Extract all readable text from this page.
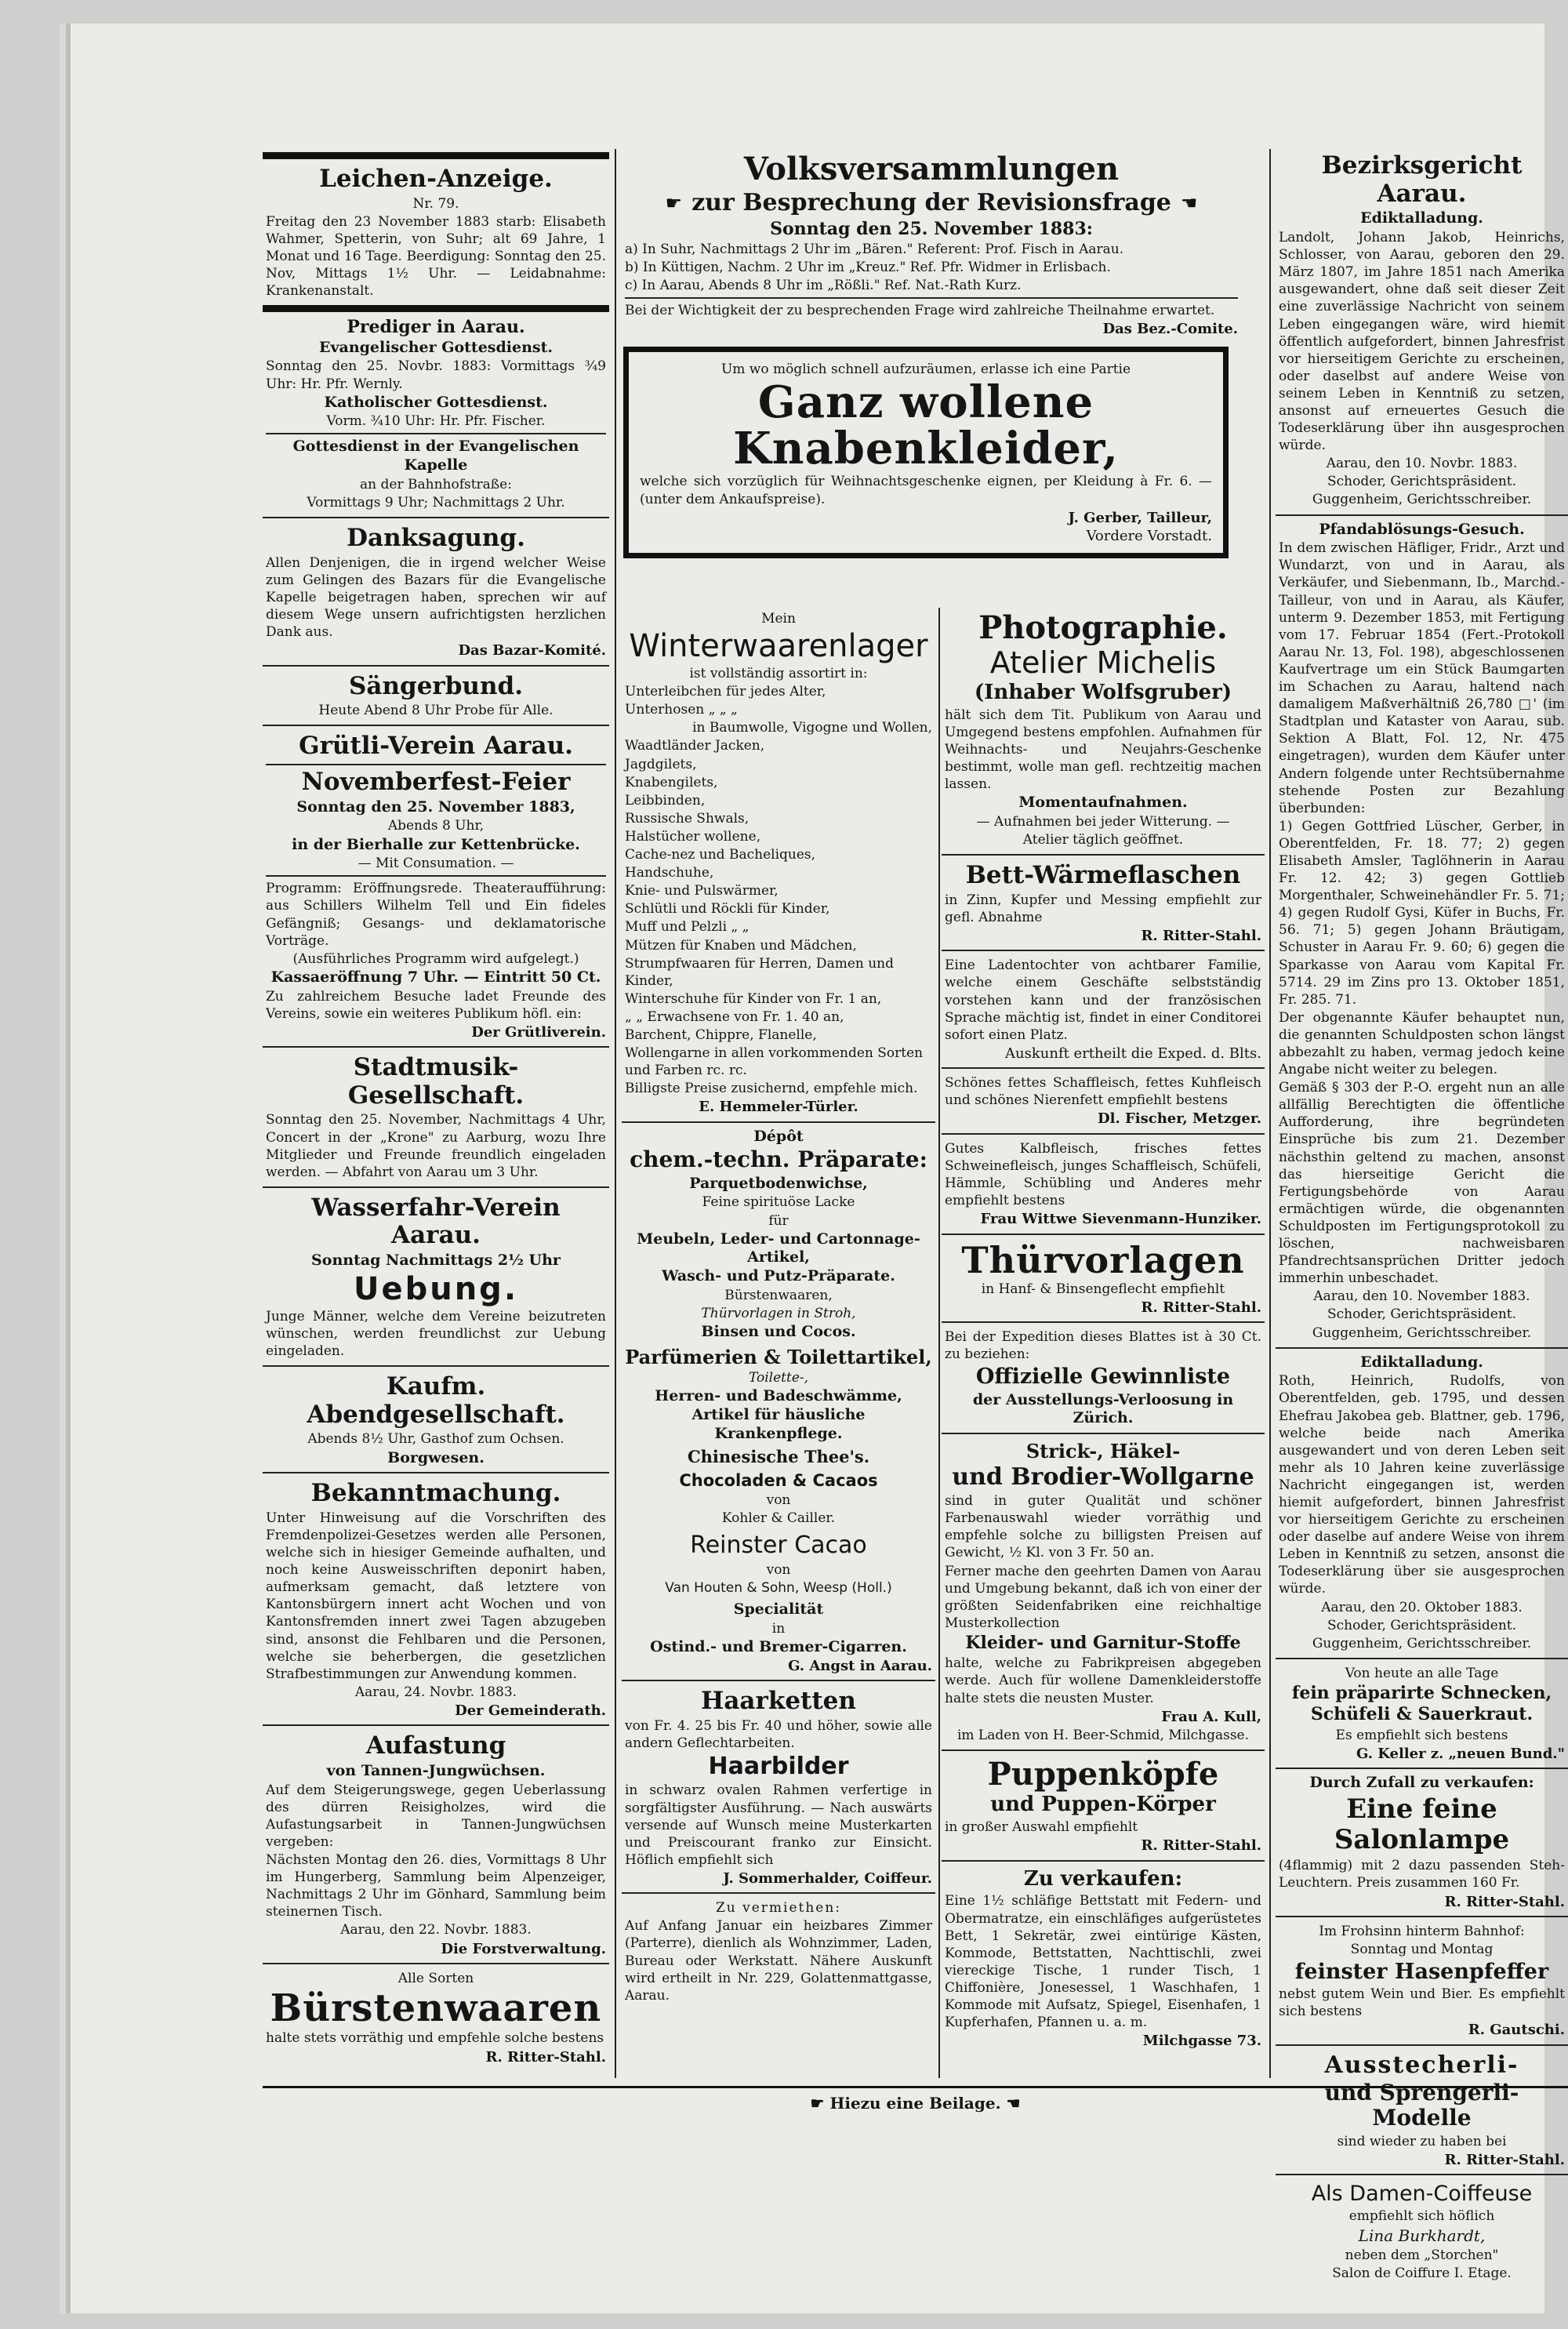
Leichen-Anzeige.
Nr. 79.
Freitag den 23 November 1883 starb: Elisabeth Wahmer, Spetterin, von Suhr; alt 69 Jahre, 1 Monat und 16 Tage. Beerdigung: Sonntag den 25. Nov, Mittags 1½ Uhr. — Leidabnahme: Krankenanstalt.
Prediger in Aarau.
Evangelischer Gottesdienst.
Sonntag den 25. Novbr. 1883: Vormittags ¾9 Uhr: Hr. Pfr. Wernly.
Katholischer Gottesdienst.
Vorm. ¾10 Uhr: Hr. Pfr. Fischer.
Gottesdienst in der Evangelischen Kapelle
an der Bahnhofstraße:
Vormittags 9 Uhr; Nachmittags 2 Uhr.
Danksagung.
Allen Denjenigen, die in irgend welcher Weise zum Gelingen des Bazars für die Evangelische Kapelle beigetragen haben, sprechen wir auf diesem Wege unsern aufrichtigsten herzlichen Dank aus.
Das Bazar-Komité.
Sängerbund.
Heute Abend 8 Uhr Probe für Alle.
Grütli-Verein Aarau.
Novemberfest-Feier
Sonntag den 25. November 1883,
Abends 8 Uhr,
in der Bierhalle zur Kettenbrücke.
— Mit Consumation. —
Programm: Eröffnungsrede. Theateraufführung: aus Schillers Wilhelm Tell und Ein fideles Gefängniß; Gesangs- und deklamatorische Vorträge.
(Ausführliches Programm wird aufgelegt.)
Kassaeröffnung 7 Uhr. — Eintritt 50 Ct.
Zu zahlreichem Besuche ladet Freunde des Vereins, sowie ein weiteres Publikum höfl. ein:
Der Grütliverein.
Stadtmusik-Gesellschaft.
Sonntag den 25. November, Nachmittags 4 Uhr, Concert in der „Krone" zu Aarburg, wozu Ihre Mitglieder und Freunde freundlich eingeladen werden. — Abfahrt von Aarau um 3 Uhr.
Wasserfahr-Verein Aarau.
Sonntag Nachmittags 2½ Uhr
Uebung.
Junge Männer, welche dem Vereine beizutreten wünschen, werden freundlichst zur Uebung eingeladen.
Kaufm. Abendgesellschaft.
Abends 8½ Uhr, Gasthof zum Ochsen.
Borgwesen.
Bekanntmachung.
Unter Hinweisung auf die Vorschriften des Fremdenpolizei-Gesetzes werden alle Personen, welche sich in hiesiger Gemeinde aufhalten, und noch keine Ausweisschriften deponirt haben, aufmerksam gemacht, daß letztere von Kantonsbürgern innert acht Wochen und von Kantonsfremden innert zwei Tagen abzugeben sind, ansonst die Fehlbaren und die Personen, welche sie beherbergen, die gesetzlichen Strafbestimmungen zur Anwendung kommen.
Aarau, 24. Novbr. 1883.
Der Gemeinderath.
Aufastung
von Tannen-Jungwüchsen.
Auf dem Steigerungswege, gegen Ueberlassung des dürren Reisigholzes, wird die Aufastungsarbeit in Tannen-Jungwüchsen vergeben:
Nächsten Montag den 26. dies, Vormittags 8 Uhr im Hungerberg, Sammlung beim Alpenzeiger, Nachmittags 2 Uhr im Gönhard, Sammlung beim steinernen Tisch.
Aarau, den 22. Novbr. 1883.
Die Forstverwaltung.
Alle Sorten
Bürstenwaaren
halte stets vorräthig und empfehle solche bestens
R. Ritter-Stahl.
Volksversammlungen
☛ zur Besprechung der Revisionsfrage ☚
Sonntag den 25. November 1883:
a) In Suhr, Nachmittags 2 Uhr im „Bären." Referent: Prof. Fisch in Aarau.
b) In Küttigen, Nachm. 2 Uhr im „Kreuz." Ref. Pfr. Widmer in Erlisbach.
c) In Aarau, Abends 8 Uhr im „Rößli." Ref. Nat.-Rath Kurz.
Bei der Wichtigkeit der zu besprechenden Frage wird zahlreiche Theilnahme erwartet.
Das Bez.-Comite.
Um wo möglich schnell aufzuräumen, erlasse ich eine Partie
Ganz wollene Knabenkleider,
welche sich vorzüglich für Weihnachtsgeschenke eignen, per Kleidung à Fr. 6. — (unter dem Ankaufspreise).
J. Gerber, Tailleur,
Vordere Vorstadt.
Mein
Winterwaarenlager
ist vollständig assortirt in:
Unterleibchen für jedes Alter,
Unterhosen „ „ „
in Baumwolle, Vigogne und Wollen,
Waadtländer Jacken,
Jagdgilets,
Knabengilets,
Leibbinden,
Russische Shwals,
Halstücher wollene,
Cache-nez und Bacheliques,
Handschuhe,
Knie- und Pulswärmer,
Schlütli und Röckli für Kinder,
Muff und Pelzli „ „
Mützen für Knaben und Mädchen,
Strumpfwaaren für Herren, Damen und Kinder,
Winterschuhe für Kinder von Fr. 1 an,
„ „ Erwachsene von Fr. 1. 40 an,
Barchent, Chippre, Flanelle,
Wollengarne in allen vorkommenden Sorten und Farben rc. rc.
Billigste Preise zusichernd, empfehle mich.
E. Hemmeler-Türler.
Dépôt
chem.-techn. Präparate:
Parquetbodenwichse,
Feine spirituöse Lacke
für
Meubeln, Leder- und Cartonnage-Artikel,
Wasch- und Putz-Präparate.
Bürstenwaaren,
Thürvorlagen in Stroh,
Binsen und Cocos.
Parfümerien & Toilettartikel,
Toilette-,
Herren- und Badeschwämme,
Artikel für häusliche
Krankenpflege.
Chinesische Thee's.
Chocoladen & Cacaos
von
Kohler & Cailler.
Reinster Cacao
von
Van Houten & Sohn, Weesp (Holl.)
Specialität
in
Ostind.- und Bremer-Cigarren.
G. Angst in Aarau.
Haarketten
von Fr. 4. 25 bis Fr. 40 und höher, sowie alle andern Geflechtarbeiten.
Haarbilder
in schwarz ovalen Rahmen verfertige in sorgfältigster Ausführung. — Nach auswärts versende auf Wunsch meine Musterkarten und Preiscourant franko zur Einsicht. Höflich empfiehlt sich
J. Sommerhalder, Coiffeur.
Zu vermiethen:
Auf Anfang Januar ein heizbares Zimmer (Parterre), dienlich als Wohnzimmer, Laden, Bureau oder Werkstatt. Nähere Auskunft wird ertheilt in Nr. 229, Golattenmattgasse, Aarau.
Photographie.
Atelier Michelis
(Inhaber Wolfsgruber)
hält sich dem Tit. Publikum von Aarau und Umgegend bestens empfohlen. Aufnahmen für Weihnachts- und Neujahrs-Geschenke bestimmt, wolle man gefl. rechtzeitig machen lassen.
Momentaufnahmen.
— Aufnahmen bei jeder Witterung. —
Atelier täglich geöffnet.
Bett-Wärmeflaschen
in Zinn, Kupfer und Messing empfiehlt zur gefl. Abnahme
R. Ritter-Stahl.
Eine Ladentochter von achtbarer Familie, welche einem Geschäfte selbstständig vorstehen kann und der französischen Sprache mächtig ist, findet in einer Conditorei sofort einen Platz.
Auskunft ertheilt die Exped. d. Blts.
Schönes fettes Schaffleisch, fettes Kuhfleisch und schönes Nierenfett empfiehlt bestens
Dl. Fischer, Metzger.
Gutes Kalbfleisch, frisches fettes Schweinefleisch, junges Schaffleisch, Schüfeli, Hämmle, Schübling und Anderes mehr empfiehlt bestens
Frau Wittwe Sievenmann-Hunziker.
Thürvorlagen
in Hanf- & Binsengeflecht empfiehlt
R. Ritter-Stahl.
Bei der Expedition dieses Blattes ist à 30 Ct. zu beziehen:
Offizielle Gewinnliste
der Ausstellungs-Verloosung in Zürich.
Strick-, Häkel-
und Brodier-Wollgarne
sind in guter Qualität und schöner Farbenauswahl wieder vorräthig und empfehle solche zu billigsten Preisen auf Gewicht, ½ Kl. von 3 Fr. 50 an.
Ferner mache den geehrten Damen von Aarau und Umgebung bekannt, daß ich von einer der größten Seidenfabriken eine reichhaltige Musterkollection
Kleider- und Garnitur-Stoffe
halte, welche zu Fabrikpreisen abgegeben werde. Auch für wollene Damenkleiderstoffe halte stets die neusten Muster.
Frau A. Kull,
im Laden von H. Beer-Schmid, Milchgasse.
Puppenköpfe
und Puppen-Körper
in großer Auswahl empfiehlt
R. Ritter-Stahl.
Zu verkaufen:
Eine 1½ schläfige Bettstatt mit Federn- und Obermatratze, ein einschläfiges aufgerüstetes Bett, 1 Sekretär, zwei eintürige Kästen, Kommode, Bettstatten, Nachttischli, zwei viereckige Tische, 1 runder Tisch, 1 Chiffonière, Jonesessel, 1 Waschhafen, 1 Kommode mit Aufsatz, Spiegel, Eisenhafen, 1 Kupferhafen, Pfannen u. a. m.
Milchgasse 73.
Bezirksgericht Aarau.
Ediktalladung.
Landolt, Johann Jakob, Heinrichs, Schlosser, von Aarau, geboren den 29. März 1807, im Jahre 1851 nach Amerika ausgewandert, ohne daß seit dieser Zeit eine zuverlässige Nachricht von seinem Leben eingegangen wäre, wird hiemit öffentlich aufgefordert, binnen Jahresfrist vor hierseitigem Gerichte zu erscheinen, oder daselbst auf andere Weise von seinem Leben in Kenntniß zu setzen, ansonst auf erneuertes Gesuch die Todeserklärung über ihn ausgesprochen würde.
Aarau, den 10. Novbr. 1883.
Schoder, Gerichtspräsident.
Guggenheim, Gerichtsschreiber.
Pfandablösungs-Gesuch.
In dem zwischen Häfliger, Fridr., Arzt und Wundarzt, von und in Aarau, als Verkäufer, und Siebenmann, Ib., Marchd.-Tailleur, von und in Aarau, als Käufer, unterm 9. Dezember 1853, mit Fertigung vom 17. Februar 1854 (Fert.-Protokoll Aarau Nr. 13, Fol. 198), abgeschlossenen Kaufvertrage um ein Stück Baumgarten im Schachen zu Aarau, haltend nach damaligem Maßverhältniß 26,780 □' (im Stadtplan und Kataster von Aarau, sub. Sektion A Blatt, Fol. 12, Nr. 475 eingetragen), wurden dem Käufer unter Andern folgende unter Rechtsübernahme stehende Posten zur Bezahlung überbunden:
1) Gegen Gottfried Lüscher, Gerber, in Oberentfelden, Fr. 18. 77; 2) gegen Elisabeth Amsler, Taglöhnerin in Aarau Fr. 12. 42; 3) gegen Gottlieb Morgenthaler, Schweinehändler Fr. 5. 71; 4) gegen Rudolf Gysi, Küfer in Buchs, Fr. 56. 71; 5) gegen Johann Bräutigam, Schuster in Aarau Fr. 9. 60; 6) gegen die Sparkasse von Aarau vom Kapital Fr. 5714. 29 im Zins pro 13. Oktober 1851, Fr. 285. 71.
Der obgenannte Käufer behauptet nun, die genannten Schuldposten schon längst abbezahlt zu haben, vermag jedoch keine Angabe nicht weiter zu belegen.
Gemäß § 303 der P.-O. ergeht nun an alle allfällig Berechtigten die öffentliche Aufforderung, ihre begründeten Einsprüche bis zum 21. Dezember nächsthin geltend zu machen, ansonst das hierseitige Gericht die Fertigungsbehörde von Aarau ermächtigen würde, die obgenannten Schuldposten im Fertigungsprotokoll zu löschen, nachweisbaren Pfandrechtsansprüchen Dritter jedoch immerhin unbeschadet.
Aarau, den 10. November 1883.
Schoder, Gerichtspräsident.
Guggenheim, Gerichtsschreiber.
Ediktalladung.
Roth, Heinrich, Rudolfs, von Oberentfelden, geb. 1795, und dessen Ehefrau Jakobea geb. Blattner, geb. 1796, welche beide nach Amerika ausgewandert und von deren Leben seit mehr als 10 Jahren keine zuverlässige Nachricht eingegangen ist, werden hiemit aufgefordert, binnen Jahresfrist vor hierseitigem Gerichte zu erscheinen oder daselbe auf andere Weise von ihrem Leben in Kenntniß zu setzen, ansonst die Todeserklärung über sie ausgesprochen würde.
Aarau, den 20. Oktober 1883.
Schoder, Gerichtspräsident.
Guggenheim, Gerichtsschreiber.
Von heute an alle Tage
fein präparirte Schnecken,
Schüfeli & Sauerkraut.
Es empfiehlt sich bestens
G. Keller z. „neuen Bund."
Durch Zufall zu verkaufen:
Eine feine Salonlampe
(4flammig) mit 2 dazu passenden Steh-Leuchtern. Preis zusammen 160 Fr.
R. Ritter-Stahl.
Im Frohsinn hinterm Bahnhof:
Sonntag und Montag
feinster Hasenpfeffer
nebst gutem Wein und Bier. Es empfiehlt sich bestens
R. Gautschi.
Ausstecherli-
und Sprengerli-Modelle
sind wieder zu haben bei
R. Ritter-Stahl.
Als Damen-Coiffeuse
empfiehlt sich höflich
Lina Burkhardt,
neben dem „Storchen"
Salon de Coiffure I. Etage.
☛ Hiezu eine Beilage. ☚
